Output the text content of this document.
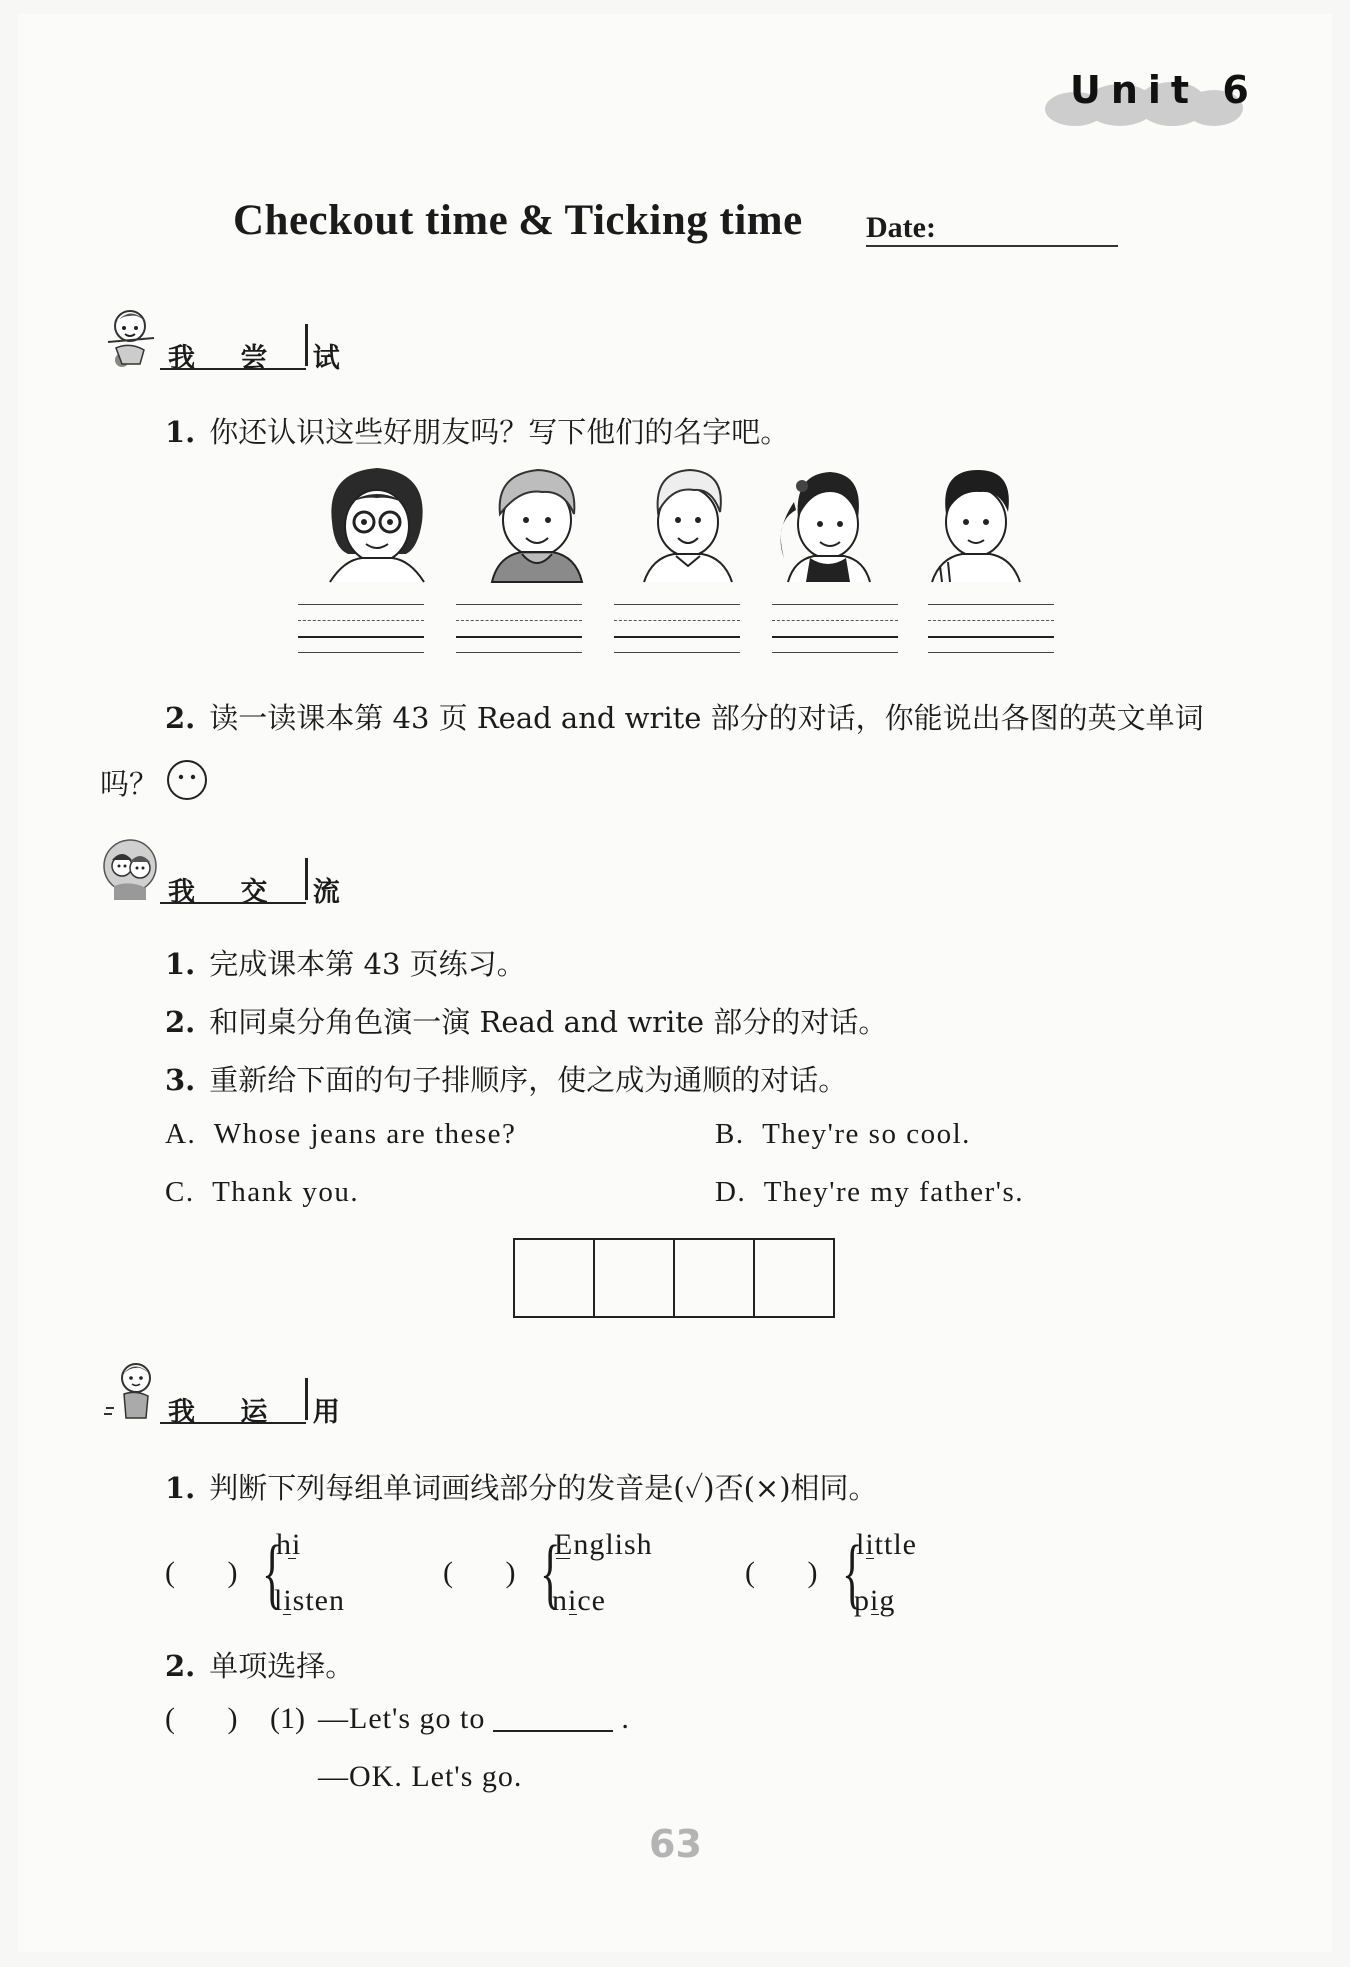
Unit 6
Checkout time & Ticking time Date:
我 尝 试
1. 你还认识这些好朋友吗？写下他们的名字吧。
2. 读一读课本第 43 页 Read and write 部分的对话，你能说出各图的英文单词
吗？
我 交 流
1. 完成课本第 43 页练习。
2. 和同桌分角色演一演 Read and write 部分的对话。
3. 重新给下面的句子排顺序，使之成为通顺的对话。
A. Whose jeans are these?	B. They're so cool.
C. Thank you.	D. They're my father's.
我 运 用
1. 判断下列每组单词画线部分的发音是(✓)否(×)相同。
(       ) {
hi
listen
(       ) {
English
nice
(       ) {
little
pig
2. 单项选择。
(       ) (1) —Let's go to	.
—OK. Let's go.
63
